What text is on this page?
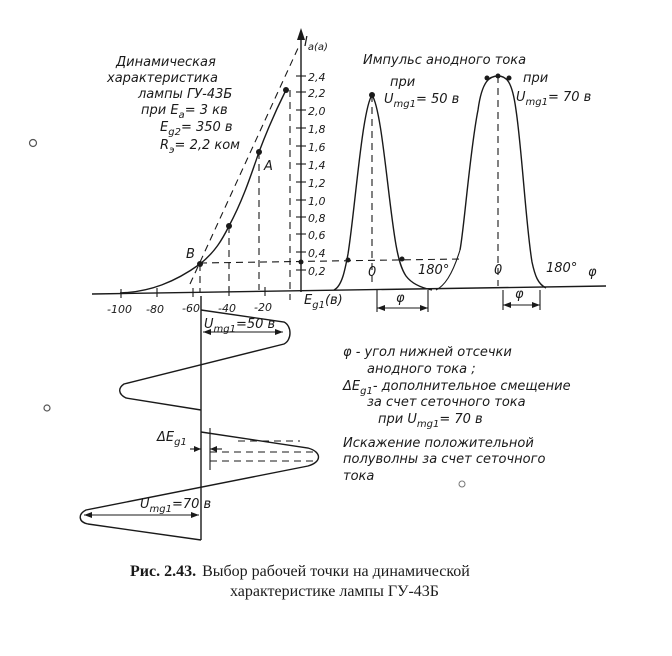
0,2
0,4
0,6
0,8
1,0
1,2
1,4
1,6
1,8
2,0
2,2
2,4
$I_{a(a)}$
-100 -80 -60 -40 -20 $E_{g1}(в)$
B
A
Динамическая
характеристика
лампы ГУ-43Б
при $E_a= 3$ кв
$E_{g2}= 350$ в
$R_э= 2,2$ ком
Импульс анодного тока
при
$U_{mg1}= 50$ в
при
$U_{mg1}= 70$ в
0	180°	0	180° φ
φ	φ
$U_{mg1}=50$ в
$U_{mg1}=70$ в
$\Delta E_{g1}$
φ - угол нижней отсечки
анодного тока ;
$\Delta E_{g1}-$ дополнительное смещение
за счет сеточного тока
при $U_{mg1}= 70$ в
Искажение положительной
полуволны за счет сеточного
тока
Рис. 2.43. Выбор рабочей точки на динамической
характеристике лампы ГУ-43Б
